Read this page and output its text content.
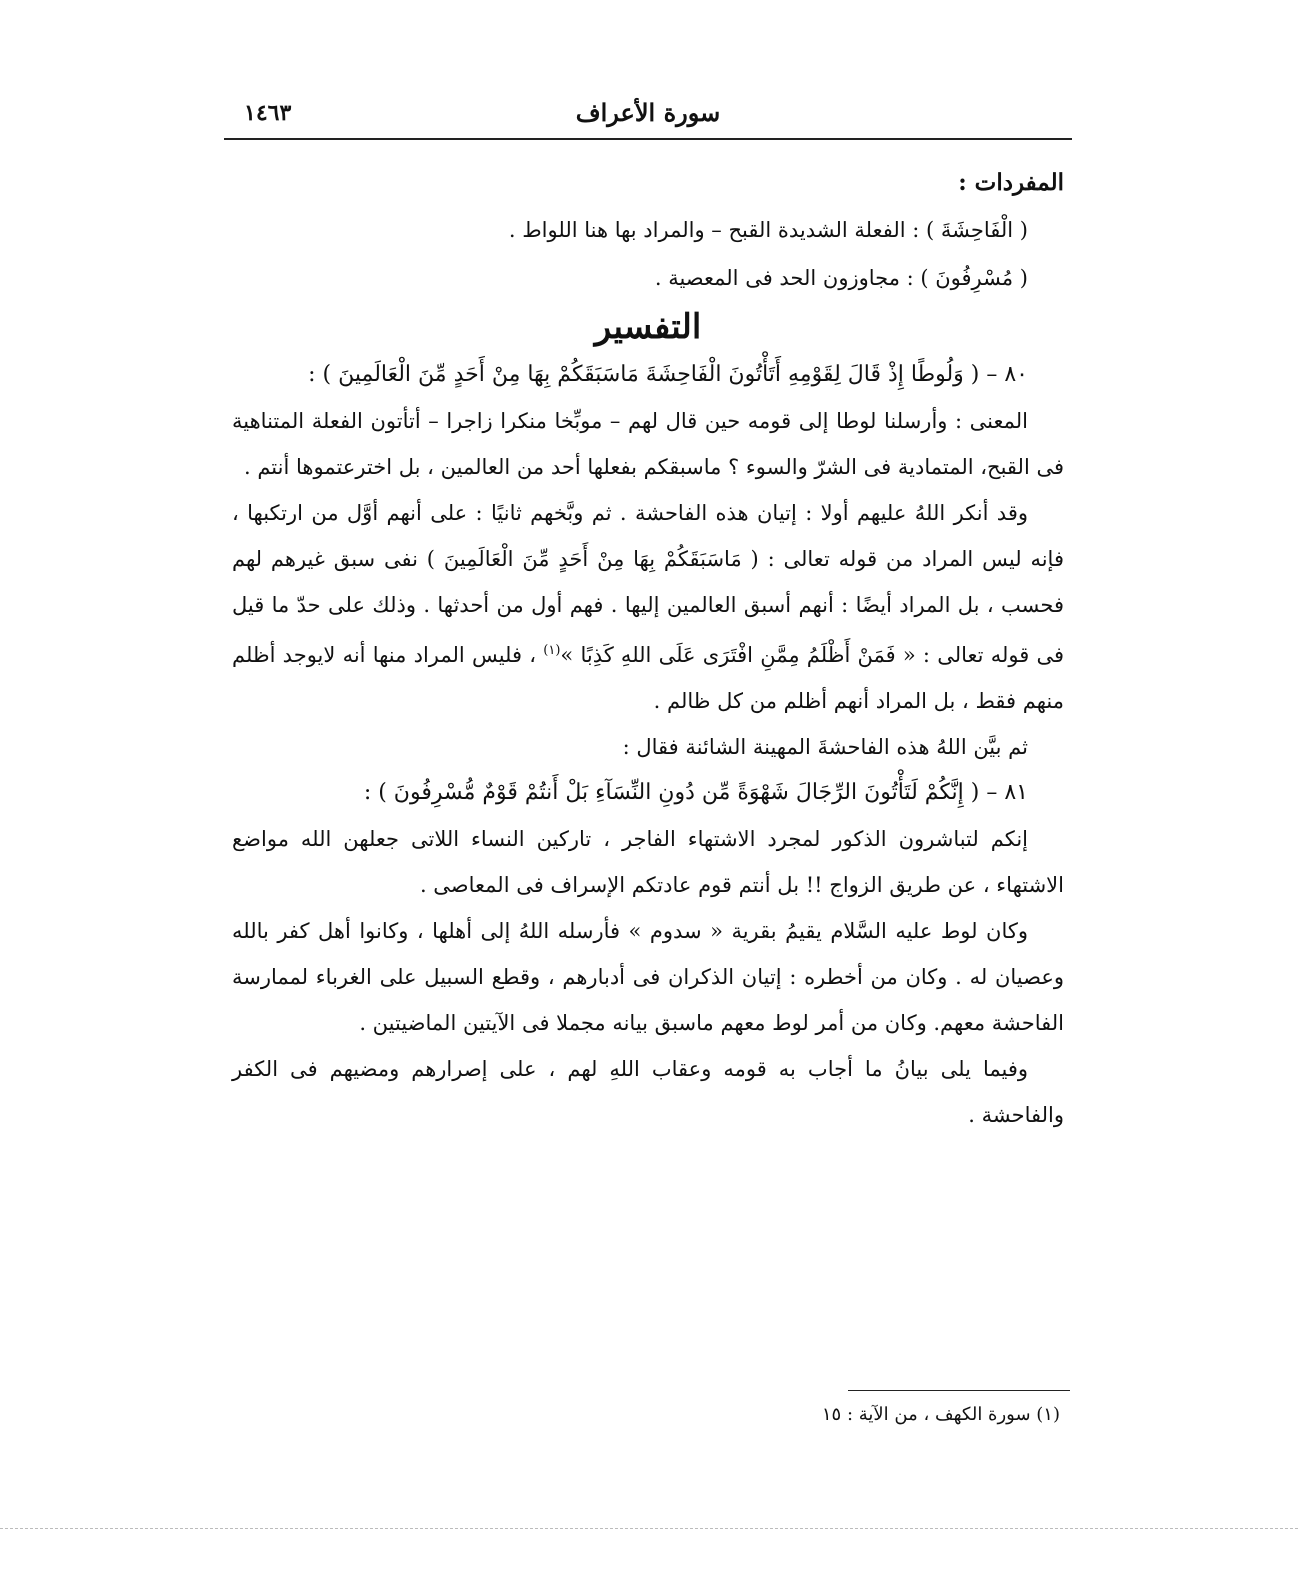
١٤٦٣	سورة الأعراف

المفردات :

( الْفَاحِشَةَ ) : الفعلة الشديدة القبح – والمراد بها هنا اللواط .

( مُسْرِفُونَ ) : مجاوزون الحد فى المعصية .

التفسير

٨٠ – ( وَلُوطًا إِذْ قَالَ لِقَوْمِهِ أَتَأْتُونَ الْفَاحِشَةَ مَاسَبَقَكُمْ بِهَا مِنْ أَحَدٍ مِّنَ الْعَالَمِينَ ) :

المعنى : وأرسلنا لوطا إلى قومه حين قال لهم – موبِّخا منكرا زاجرا – أتأتون الفعلة المتناهية فى القبح، المتمادية فى الشرّ والسوء ؟ ماسبقكم بفعلها أحد من العالمين ، بل اخترعتموها أنتم .

وقد أنكر اللهُ عليهم أولا : إتيان هذه الفاحشة . ثم وبَّخهم ثانيًا : على أنهم أوَّل من ارتكبها ، فإنه ليس المراد من قوله تعالى : ( مَاسَبَقَكُمْ بِهَا مِنْ أَحَدٍ مِّنَ الْعَالَمِينَ ) نفى سبق غيرهم لهم فحسب ، بل المراد أيضًا : أنهم أسبق العالمين إليها . فهم أول من أحدثها . وذلك على حدّ ما قيل فى قوله تعالى : « فَمَنْ أَظْلَمُ مِمَّنِ افْتَرَى عَلَى اللهِ كَذِبًا »$^{(١)}$ ، فليس المراد منها أنه لايوجد أظلم منهم فقط ، بل المراد أنهم أظلم من كل ظالم .

ثم بيَّن اللهُ هذه الفاحشةَ المهينة الشائنة فقال :

٨١ – ( إِنَّكُمْ لَتَأْتُونَ الرِّجَالَ شَهْوَةً مِّن دُونِ النِّسَآءِ بَلْ أَنتُمْ قَوْمٌ مُّسْرِفُونَ ) :

إنكم لتباشرون الذكور لمجرد الاشتهاء الفاجر ، تاركين النساء اللاتى جعلهن الله مواضع الاشتهاء ، عن طريق الزواج !! بل أنتم قوم عادتكم الإسراف فى المعاصى .

وكان لوط عليه السَّلام يقيمُ بقرية « سدوم » فأرسله اللهُ إلى أهلها ، وكانوا أهل كفر بالله وعصيان له . وكان من أخطره : إتيان الذكران فى أدبارهم ، وقطع السبيل على الغرباء لممارسة الفاحشة معهم. وكان من أمر لوط معهم ماسبق بيانه مجملا فى الآيتين الماضيتين .

وفيما يلى بيانُ ما أجاب به قومه وعقاب اللهِ لهم ، على إصرارهم ومضيهم فى الكفر والفاحشة .

(١) سورة الكهف ، من الآية : ١٥
